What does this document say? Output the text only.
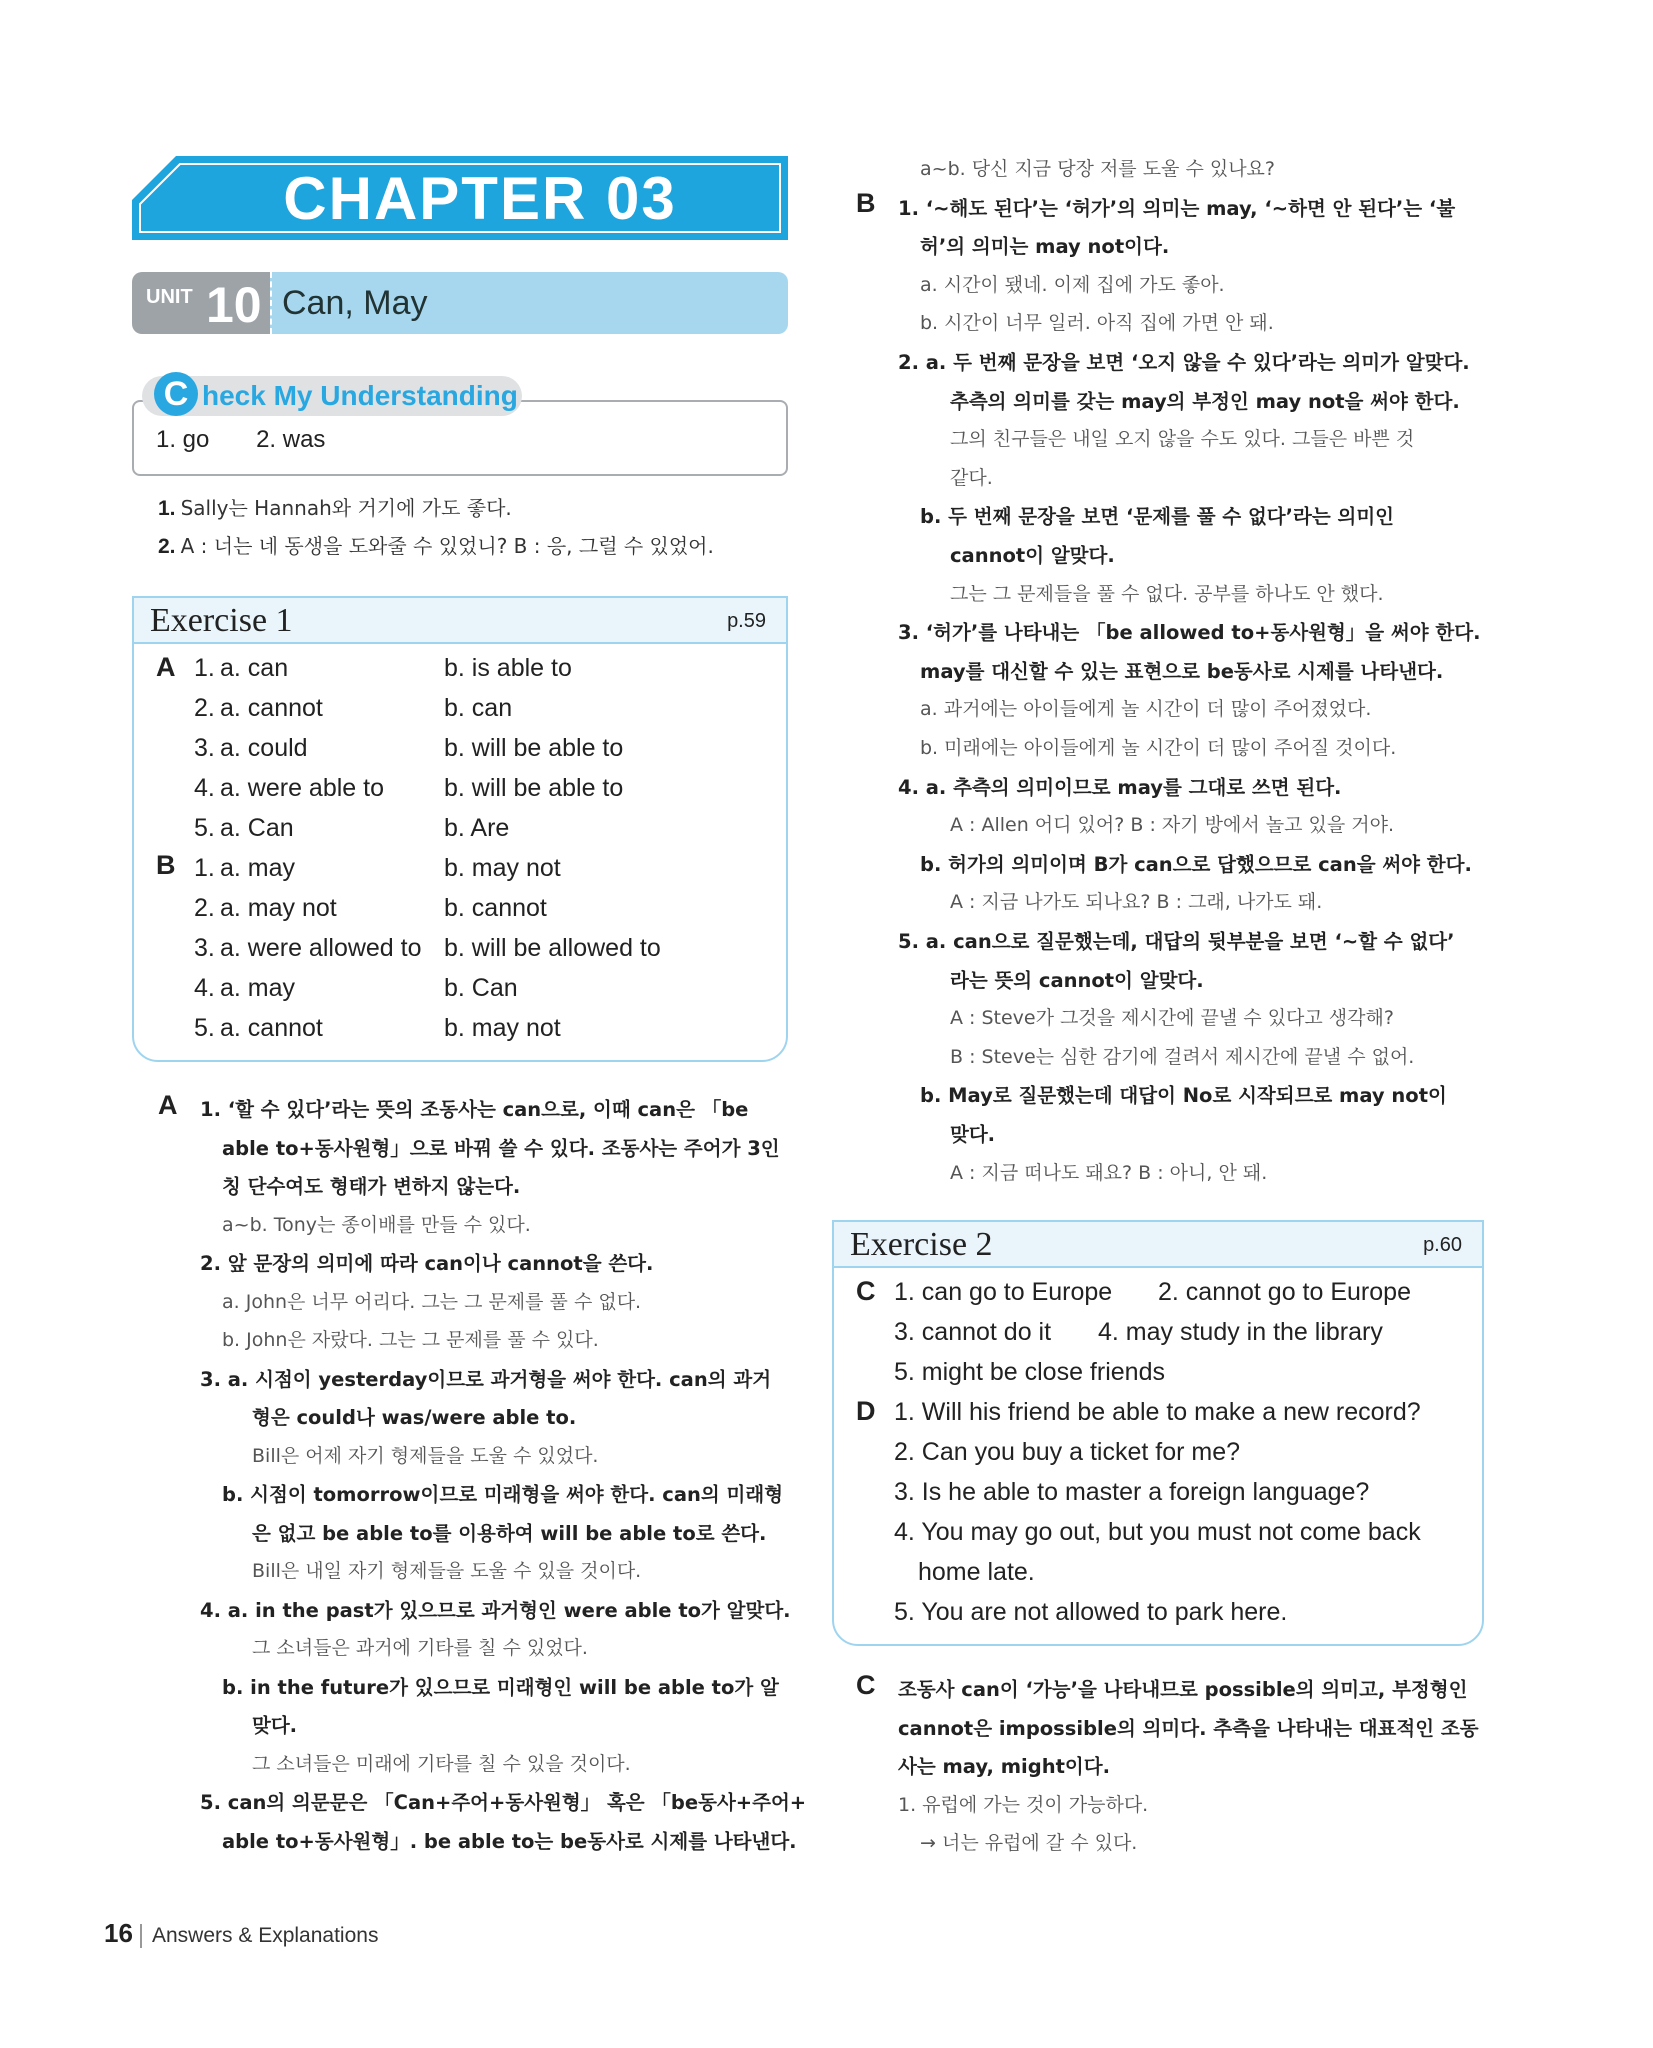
CHAPTER 03
UNIT 10 Can, May
C heck My Understanding
1. go 2. was
1. Sally는 Hannah와 거기에 가도 좋다.
2. A : 너는 네 동생을 도와줄 수 있었니? B : 응, 그럴 수 있었어.
Exercise 1	p.59
A
B
1. a. can	b. is able to
2. a. cannot	b. can
3. a. could	b. will be able to
4. a. were able to b. will be able to
5. a. Can	b. Are
1. a. may	b. may not
2. a. may not	b. cannot
3. a. were allowed to b. will be allowed to
4. a. may	b. Can
5. a. cannot	b. may not
A 1. ‘할 수 있다’라는 뜻의 조동사는 can으로, 이때 can은 「be
able to+동사원형」으로 바꿔 쓸 수 있다. 조동사는 주어가 3인
칭 단수여도 형태가 변하지 않는다.
a~b. Tony는 종이배를 만들 수 있다.
2. 앞 문장의 의미에 따라 can이나 cannot을 쓴다.
a. John은 너무 어리다. 그는 그 문제를 풀 수 없다.
b. John은 자랐다. 그는 그 문제를 풀 수 있다.
3. a. 시점이 yesterday이므로 과거형을 써야 한다. can의 과거
형은 could나 was/were able to.
Bill은 어제 자기 형제들을 도울 수 있었다.
b. 시점이 tomorrow이므로 미래형을 써야 한다. can의 미래형
은 없고 be able to를 이용하여 will be able to로 쓴다.
Bill은 내일 자기 형제들을 도울 수 있을 것이다.
4. a. in the past가 있으므로 과거형인 were able to가 알맞다.
그 소녀들은 과거에 기타를 칠 수 있었다.
b. in the future가 있으므로 미래형인 will be able to가 알
맞다.
그 소녀들은 미래에 기타를 칠 수 있을 것이다.
5. can의 의문문은 「Can+주어+동사원형」 혹은 「be동사+주어+
able to+동사원형」. be able to는 be동사로 시제를 나타낸다.
B
a~b. 당신 지금 당장 저를 도울 수 있나요?
1. ‘~해도 된다’는 ‘허가’의 의미는 may, ‘~하면 안 된다’는 ‘불
허’의 의미는 may not이다.
a. 시간이 됐네. 이제 집에 가도 좋아.
b. 시간이 너무 일러. 아직 집에 가면 안 돼.
2. a. 두 번째 문장을 보면 ‘오지 않을 수 있다’라는 의미가 알맞다.
추측의 의미를 갖는 may의 부정인 may not을 써야 한다.
그의 친구들은 내일 오지 않을 수도 있다. 그들은 바쁜 것
같다.
b. 두 번째 문장을 보면 ‘문제를 풀 수 없다’라는 의미인
cannot이 알맞다.
그는 그 문제들을 풀 수 없다. 공부를 하나도 안 했다.
3. ‘허가’를 나타내는 「be allowed to+동사원형」을 써야 한다.
may를 대신할 수 있는 표현으로 be동사로 시제를 나타낸다.
a. 과거에는 아이들에게 놀 시간이 더 많이 주어졌었다.
b. 미래에는 아이들에게 놀 시간이 더 많이 주어질 것이다.
4. a. 추측의 의미이므로 may를 그대로 쓰면 된다.
A : Allen 어디 있어? B : 자기 방에서 놀고 있을 거야.
b. 허가의 의미이며 B가 can으로 답했으므로 can을 써야 한다.
A : 지금 나가도 되나요? B : 그래, 나가도 돼.
5. a. can으로 질문했는데, 대답의 뒷부분을 보면 ‘~할 수 없다’
라는 뜻의 cannot이 알맞다.
A : Steve가 그것을 제시간에 끝낼 수 있다고 생각해?
B : Steve는 심한 감기에 걸려서 제시간에 끝낼 수 없어.
b. May로 질문했는데 대답이 No로 시작되므로 may not이
맞다.
A : 지금 떠나도 돼요? B : 아니, 안 돼.
Exercise 2	p.60
C
D
1. can go to Europe 2. cannot go to Europe
3. cannot do it 4. may study in the library
5. might be close friends
1. Will his friend be able to make a new record?
2. Can you buy a ticket for me?
3. Is he able to master a foreign language?
4. You may go out, but you must not come back
home late.
5. You are not allowed to park here.
C 조동사 can이 ‘가능’을 나타내므로 possible의 의미고, 부정형인
cannot은 impossible의 의미다. 추측을 나타내는 대표적인 조동
사는 may, might이다.
1. 유럽에 가는 것이 가능하다.
→ 너는 유럽에 갈 수 있다.
16 Answers & Explanations
